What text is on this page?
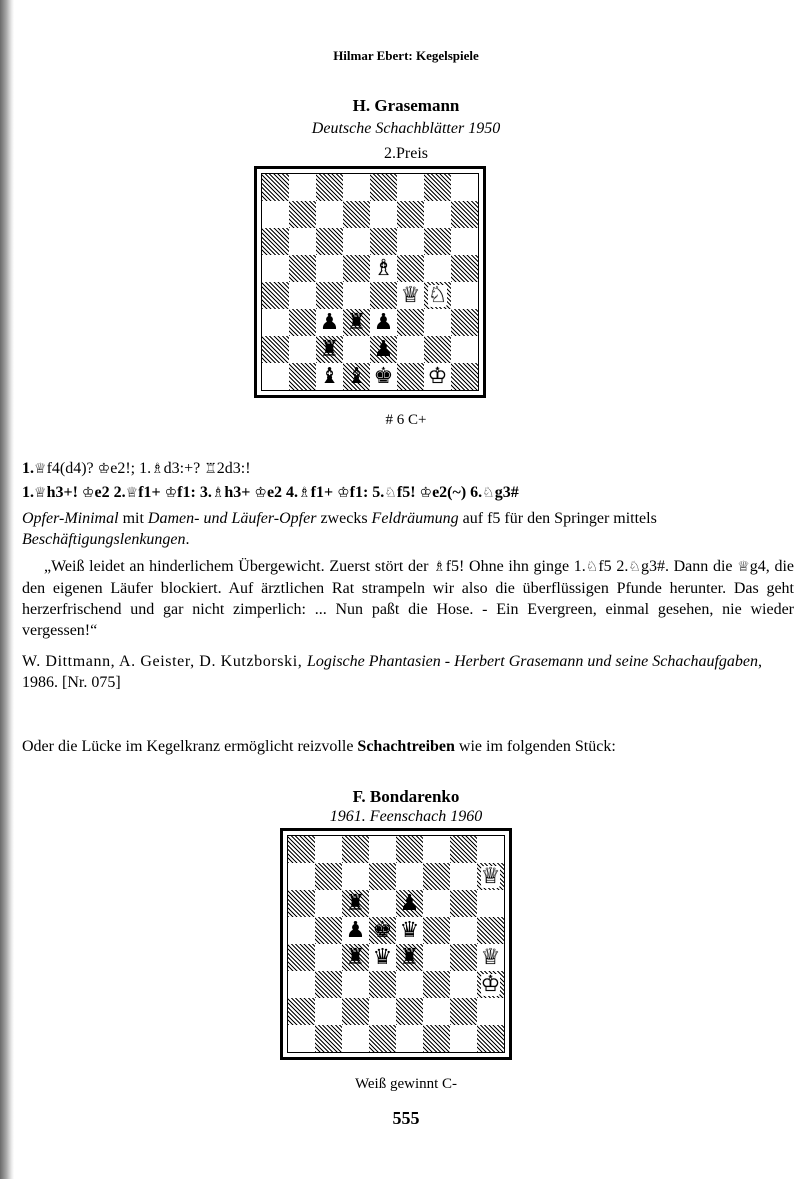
Hilmar Ebert: Kegelspiele
H. Grasemann
Deutsche Schachblätter 1950
2.Preis
♗
♕ ♘
♟ ♜ ♟
♜ ♟
♝ ♝ ♚ ♔
# 6 C+
1.♕f4(d4)? ♔e2!; 1.♗d3:+? ♖2d3:!
1.♕h3+! ♔e2 2.♕f1+ ♔f1: 3.♗h3+ ♔e2 4.♗f1+ ♔f1: 5.♘f5! ♔e2(~) 6.♘g3#
Opfer-Minimal mit Damen- und Läufer-Opfer zwecks Feldräumung auf f5 für den Springer mittels Beschäftigungslenkungen.

„Weiß leidet an hinderlichem Übergewicht. Zuerst stört der ♗f5! Ohne ihn ginge 1.♘f5 2.♘g3#. Dann die ♕g4, die den eigenen Läufer blockiert. Auf ärztlichen Rat strampeln wir also die überflüssigen Pfunde herunter. Das geht herzerfrischend und gar nicht zimperlich: ... Nun paßt die Hose. - Ein Evergreen, einmal gesehen, nie wieder vergessen!“

W. Dittmann, A. Geister, D. Kutzborski, Logische Phantasien - Herbert Grasemann und seine Schachaufgaben, 1986. [Nr. 075]
Oder die Lücke im Kegelkranz ermöglicht reizvolle Schachtreiben wie im folgenden Stück:
F. Bondarenko
1961. Feenschach 1960
♕
♜ ♟
♟ ♚ ♛
♜ ♛ ♜	♕
♔
Weiß gewinnt C-
555
